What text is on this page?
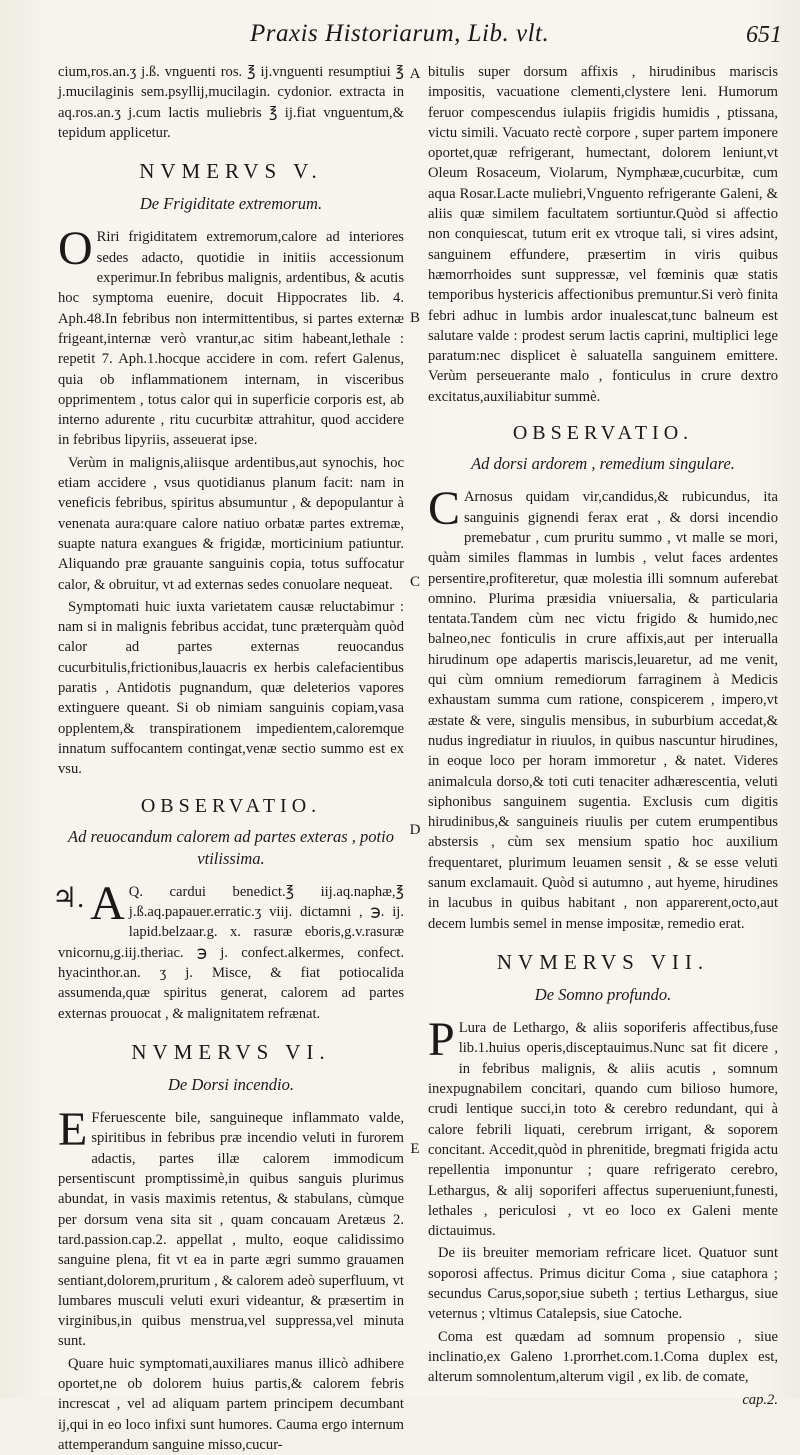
Praxis Historiarum, Lib. vlt.	651
A
B
C
D
E

cium,ros.an.ʒ j.ß. vnguenti ros. ℥ ij.vnguenti resumptiui ℥ j.mucilaginis sem.psyllij,mucilagin. cydonior. extracta in aq.ros.an.ʒ j.cum lactis muliebris ℥ ij.fiat vnguentum,& tepidum applicetur.

NVMERVS V.
De Frigiditate extremorum.

O Riri frigiditatem extremorum,calore ad interiores sedes adacto, quotidie in initiis accessionum experimur.In febribus malignis, ardentibus, & acutis hoc symptoma euenire, docuit Hippocrates lib. 4. Aph.48.In febribus non intermittentibus, si partes externæ frigeant,internæ verò vrantur,ac sitim habeant,lethale : repetit 7. Aph.1.hocque accidere in com. refert Galenus, quia ob inflammationem internam, in visceribus opprimentem , totus calor qui in superficie corporis est, ab interno adurente , ritu cucurbitæ attrahitur, quod accidere in febribus lipyriis, asseuerat ipse.

Verùm in malignis,aliisque ardentibus,aut synochis, hoc etiam accidere , vsus quotidianus planum facit: nam in veneficis febribus, spiritus absumuntur , & depopulantur à venenata aura:quare calore natiuo orbatæ partes extremæ, suapte natura exangues & frigidæ, morticinium patiuntur. Aliquando præ grauante sanguinis copia, totus suffocatur calor, & obruitur, vt ad externas sedes conuolare nequeat.

Symptomati huic iuxta varietatem causæ reluctabimur : nam si in malignis febribus accidat, tunc præterquàm quòd calor ad partes externas reuocandus cucurbitulis,frictionibus,lauacris ex herbis calefacientibus paratis , Antidotis pugnandum, quæ deleterios vapores extinguere queant. Si ob nimiam sanguinis copiam,vasa opplentem,& transpirationem impedientem,caloremque innatum suffocantem contingat,venæ sectio summo est ex vsu.

OBSERVATIO.
Ad reuocandum calorem ad partes exteras , potio vtilissima.

♃. A Q. cardui benedict.℥ iij.aq.naphæ,℥ j.ß.aq.papauer.erratic.ʒ viij. dictamni , ℈. ij. lapid.belzaar.g. x. rasuræ eboris,g.v.rasuræ vnicornu,g.iij.theriac. ℈ j. confect.alkermes, confect. hyacinthor.an. ʒ j. Misce, & fiat potiocalida assumenda,quæ spiritus generat, calorem ad partes externas prouocat , & malignitatem refrænat.

NVMERVS VI.
De Dorsi incendio.

E Fferuescente bile, sanguineque inflammato valde, spiritibus in febribus præ incendio veluti in furorem adactis, partes illæ calorem immodicum persentiscunt promptissimè,in quibus sanguis plurimus abundat, in vasis maximis retentus, & stabulans, cùmque per dorsum vena sita sit , quam concauam Aretæus 2. tard.passion.cap.2. appellat , multo, eoque calidissimo sanguine plena, fit vt ea in parte ægri summo grauamen sentiant,dolorem,pruritum , & calorem adeò superfluum, vt lumbares musculi veluti exuri videantur, & præsertim in virginibus,in quibus menstrua,vel suppressa,vel minuta sunt.

Quare huic symptomati,auxiliares manus illicò adhibere oportet,ne ob dolorem huius partis,& calorem febris increscat , vel ad aliquam partem principem decumbant ij,qui in eo loco infixi sunt humores. Cauma ergo internum attemperandum sanguine misso,cucur-

bitulis super dorsum affixis , hirudinibus mariscis impositis, vacuatione clementi,clystere leni. Humorum feruor compescendus iulapiis frigidis humidis , ptissana, victu simili. Vacuato rectè corpore , super partem imponere oportet,quæ refrigerant, humectant, dolorem leniunt,vt Oleum Rosaceum, Violarum, Nymphææ,cucurbitæ, cum aqua Rosar.Lacte muliebri,Vnguento refrigerante Galeni, & aliis quæ similem facultatem sortiuntur.Quòd si affectio non conquiescat, tutum erit ex vtroque tali, si vires adsint, sanguinem effundere, præsertim in viris quibus hæmorrhoides sunt suppressæ, vel fœminis quæ statis temporibus hystericis affectionibus premuntur.Si verò finita febri adhuc in lumbis ardor inualescat,tunc balneum est salutare valde : prodest serum lactis caprini, multiplici lege paratum:nec displicet è saluatella sanguinem emittere. Verùm perseuerante malo , fonticulus in crure dextro excitatus,auxiliabitur summè.

OBSERVATIO.
Ad dorsi ardorem , remedium singulare.

C Arnosus quidam vir,candidus,& rubicundus, ita sanguinis gignendi ferax erat , & dorsi incendio premebatur , cum pruritu summo , vt malle se mori, quàm similes flammas in lumbis , velut faces ardentes persentire,profiteretur, quæ molestia illi somnum auferebat omnino. Plurima præsidia vniuersalia, & particularia tentata.Tandem cùm nec victu frigido & humido,nec balneo,nec fonticulis in crure affixis,aut per interualla hirudinum ope adapertis mariscis,leuaretur, ad me venit, qui cùm omnium remediorum farraginem à Medicis exhaustam summa cum ratione, conspicerem , impero,vt æstate & vere, singulis mensibus, in suburbium accedat,& nudus ingrediatur in riuulos, in quibus nascuntur hirudines, in eoque loco per horam immoretur , & natet. Videres animalcula dorso,& toti cuti tenaciter adhærescentia, veluti siphonibus sanguinem sugentia. Exclusis cum digitis hirudinibus,& sanguineis riuulis per cutem erumpentibus abstersis , cùm sex mensium spatio hoc auxilium frequentaret, plurimum leuamen sensit , & se esse veluti sanum exclamauit. Quòd si autumno , aut hyeme, hirudines in lacubus in quibus habitant , non apparerent,octo,aut decem lumbis semel in mense impositæ, remedio erat.

NVMERVS VII.
De Somno profundo.

P Lura de Lethargo, & aliis soporiferis affectibus,fuse lib.1.huius operis,disceptauimus.Nunc sat fit dicere , in febribus malignis, & aliis acutis , somnum inexpugnabilem concitari, quando cum bilioso humore, crudi lentique succi,in toto & cerebro redundant, qui à calore febrili liquati, cerebrum irrigant, & soporem concitant. Accedit,quòd in phrenitide, bregmati frigida actu repellentia imponuntur ; quare refrigerato cerebro, Lethargus, & alij soporiferi affectus superueniunt,funesti, lethales , periculosi , vt eo loco ex Galeni mente dictauimus.

De iis breuiter memoriam refricare licet. Quatuor sunt soporosi affectus. Primus dicitur Coma , siue cataphora ; secundus Carus,sopor,siue subeth ; tertius Lethargus, siue veternus ; vltimus Catalepsis, siue Catoche.

Coma est quædam ad somnum propensio , siue inclinatio,ex Galeno 1.prorrhet.com.1.Coma duplex est, alterum somnolentum,alterum vigil , ex lib. de comate,

cap.2.
